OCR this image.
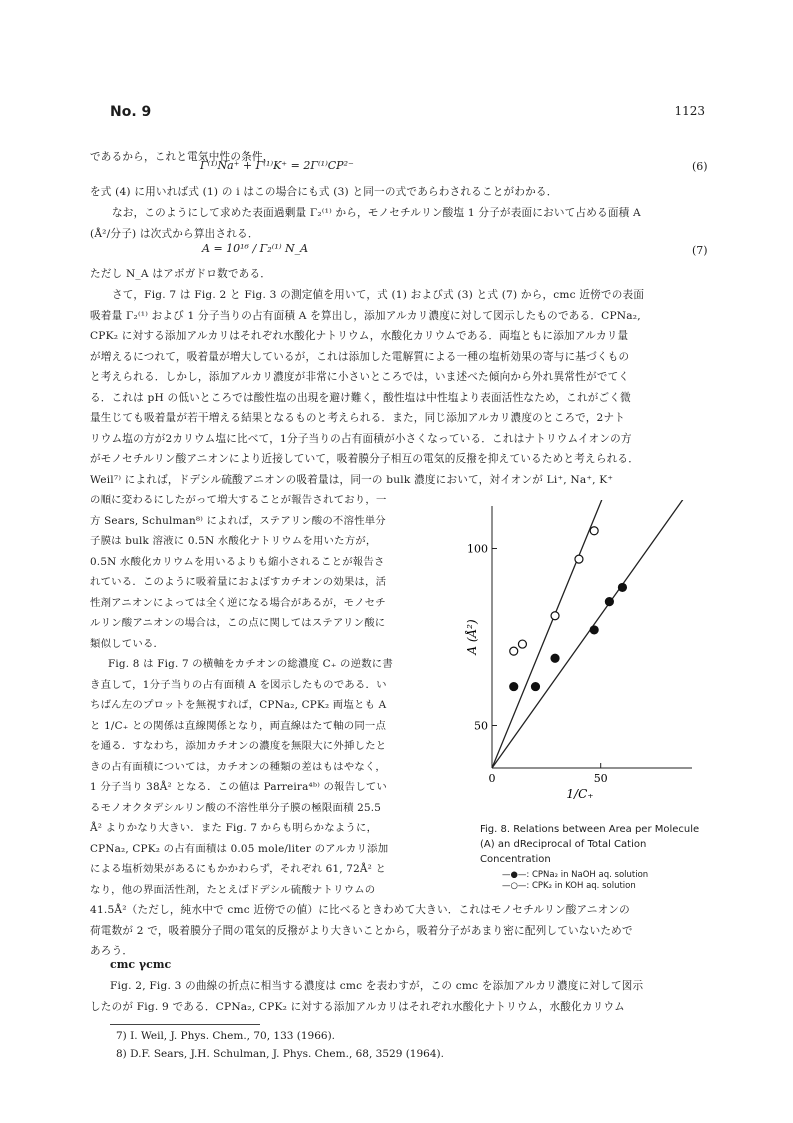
No. 9	1123
であるから，これと電気中性の条件，
Γ⁽¹⁾Na⁺ + Γ⁽¹⁾K⁺ = 2Γ⁽¹⁾CP²⁻	(6)
を式 (4) に用いれば式 (1) の i はこの場合にも式 (3) と同一の式であらわされることがわかる．
なお，このようにして求めた表面過剰量 Γ₂⁽¹⁾ から，モノセチルリン酸塩 1 分子が表面において占める面積 A
(Å²/分子) は次式から算出される．
A = 10¹⁶ / Γ₂⁽¹⁾ N_A	(7)
ただし N_A はアボガドロ数である．
さて，Fig. 7 は Fig. 2 と Fig. 3 の測定値を用いて，式 (1) および式 (3) と式 (7) から，cmc 近傍での表面
吸着量 Γ₂⁽¹⁾ および 1 分子当りの占有面積 A を算出し，添加アルカリ濃度に対して図示したものである．CPNa₂,
CPK₂ に対する添加アルカリはそれぞれ水酸化ナトリウム，水酸化カリウムである．両塩ともに添加アルカリ量
が増えるにつれて，吸着量が増大しているが，これは添加した電解質による一種の塩析効果の寄与に基づくもの
と考えられる．しかし，添加アルカリ濃度が非常に小さいところでは，いま述べた傾向から外れ異常性がでてく
る．これは pH の低いところでは酸性塩の出現を避け難く，酸性塩は中性塩より表面活性なため，これがごく微
量生じても吸着量が若干増える結果となるものと考えられる．また，同じ添加アルカリ濃度のところで，2ナト
リウム塩の方が2カリウム塩に比べて，1分子当りの占有面積が小さくなっている．これはナトリウムイオンの方
がモノセチルリン酸アニオンにより近接していて，吸着膜分子相互の電気的反撥を抑えているためと考えられる．
Weil⁷⁾ によれば，ドデシル硫酸アニオンの吸着量は，同一の bulk 濃度において，対イオンが Li⁺, Na⁺, K⁺
の順に変わるにしたがって増大することが報告されており，一
方 Sears, Schulman⁸⁾ によれば，ステアリン酸の不溶性単分
子膜は bulk 溶液に 0.5N 水酸化ナトリウムを用いた方が，
0.5N 水酸化カリウムを用いるよりも縮小されることが報告さ
れている．このように吸着量におよぼすカチオンの効果は，活
性剤アニオンによっては全く逆になる場合があるが，モノセチ
ルリン酸アニオンの場合は，この点に関してはステアリン酸に
類似している．
Fig. 8 は Fig. 7 の横軸をカチオンの総濃度 C₊ の逆数に書
き直して，1分子当りの占有面積 A を図示したものである．い
ちばん左のプロットを無視すれば，CPNa₂, CPK₂ 両塩とも A
と 1/C₊ との関係は直線関係となり，両直線はたて軸の同一点
を通る．すなわち，添加カチオンの濃度を無限大に外挿したと
きの占有面積については，カチオンの種類の差はもはやなく，
1 分子当り 38Å² となる．この値は Parreira⁴ᵇ⁾ の報告してい
るモノオクタデシルリン酸の不溶性単分子膜の極限面積 25.5
Å² よりかなり大きい．また Fig. 7 からも明らかなように，
CPNa₂, CPK₂ の占有面積は 0.05 mole/liter のアルカリ添加
による塩析効果があるにもかかわらず，それぞれ 61, 72Å² と
なり，他の界面活性剤，たとえばドデシル硫酸ナトリウムの
50
100
0	50
1/C₊
A (Å²)
Fig. 8. Relations between Area per Molecule (A) an dReciprocal of Total Cation Concentration
—●—: CPNa₂ in NaOH aq. solution
—○—: CPK₂ in KOH aq. solution
41.5Å²（ただし，純水中で cmc 近傍での値）に比べるときわめて大きい．これはモノセチルリン酸アニオンの
荷電数が 2 で，吸着膜分子間の電気的反撥がより大きいことから，吸着分子があまり密に配列していないためで
あろう．
cmc γcmc
Fig. 2, Fig. 3 の曲線の折点に相当する濃度は cmc を表わすが，この cmc を添加アルカリ濃度に対して図示
したのが Fig. 9 である．CPNa₂, CPK₂ に対する添加アルカリはそれぞれ水酸化ナトリウム，水酸化カリウム
7) I. Weil, J. Phys. Chem., 70, 133 (1966).
8) D.F. Sears, J.H. Schulman, J. Phys. Chem., 68, 3529 (1964).
